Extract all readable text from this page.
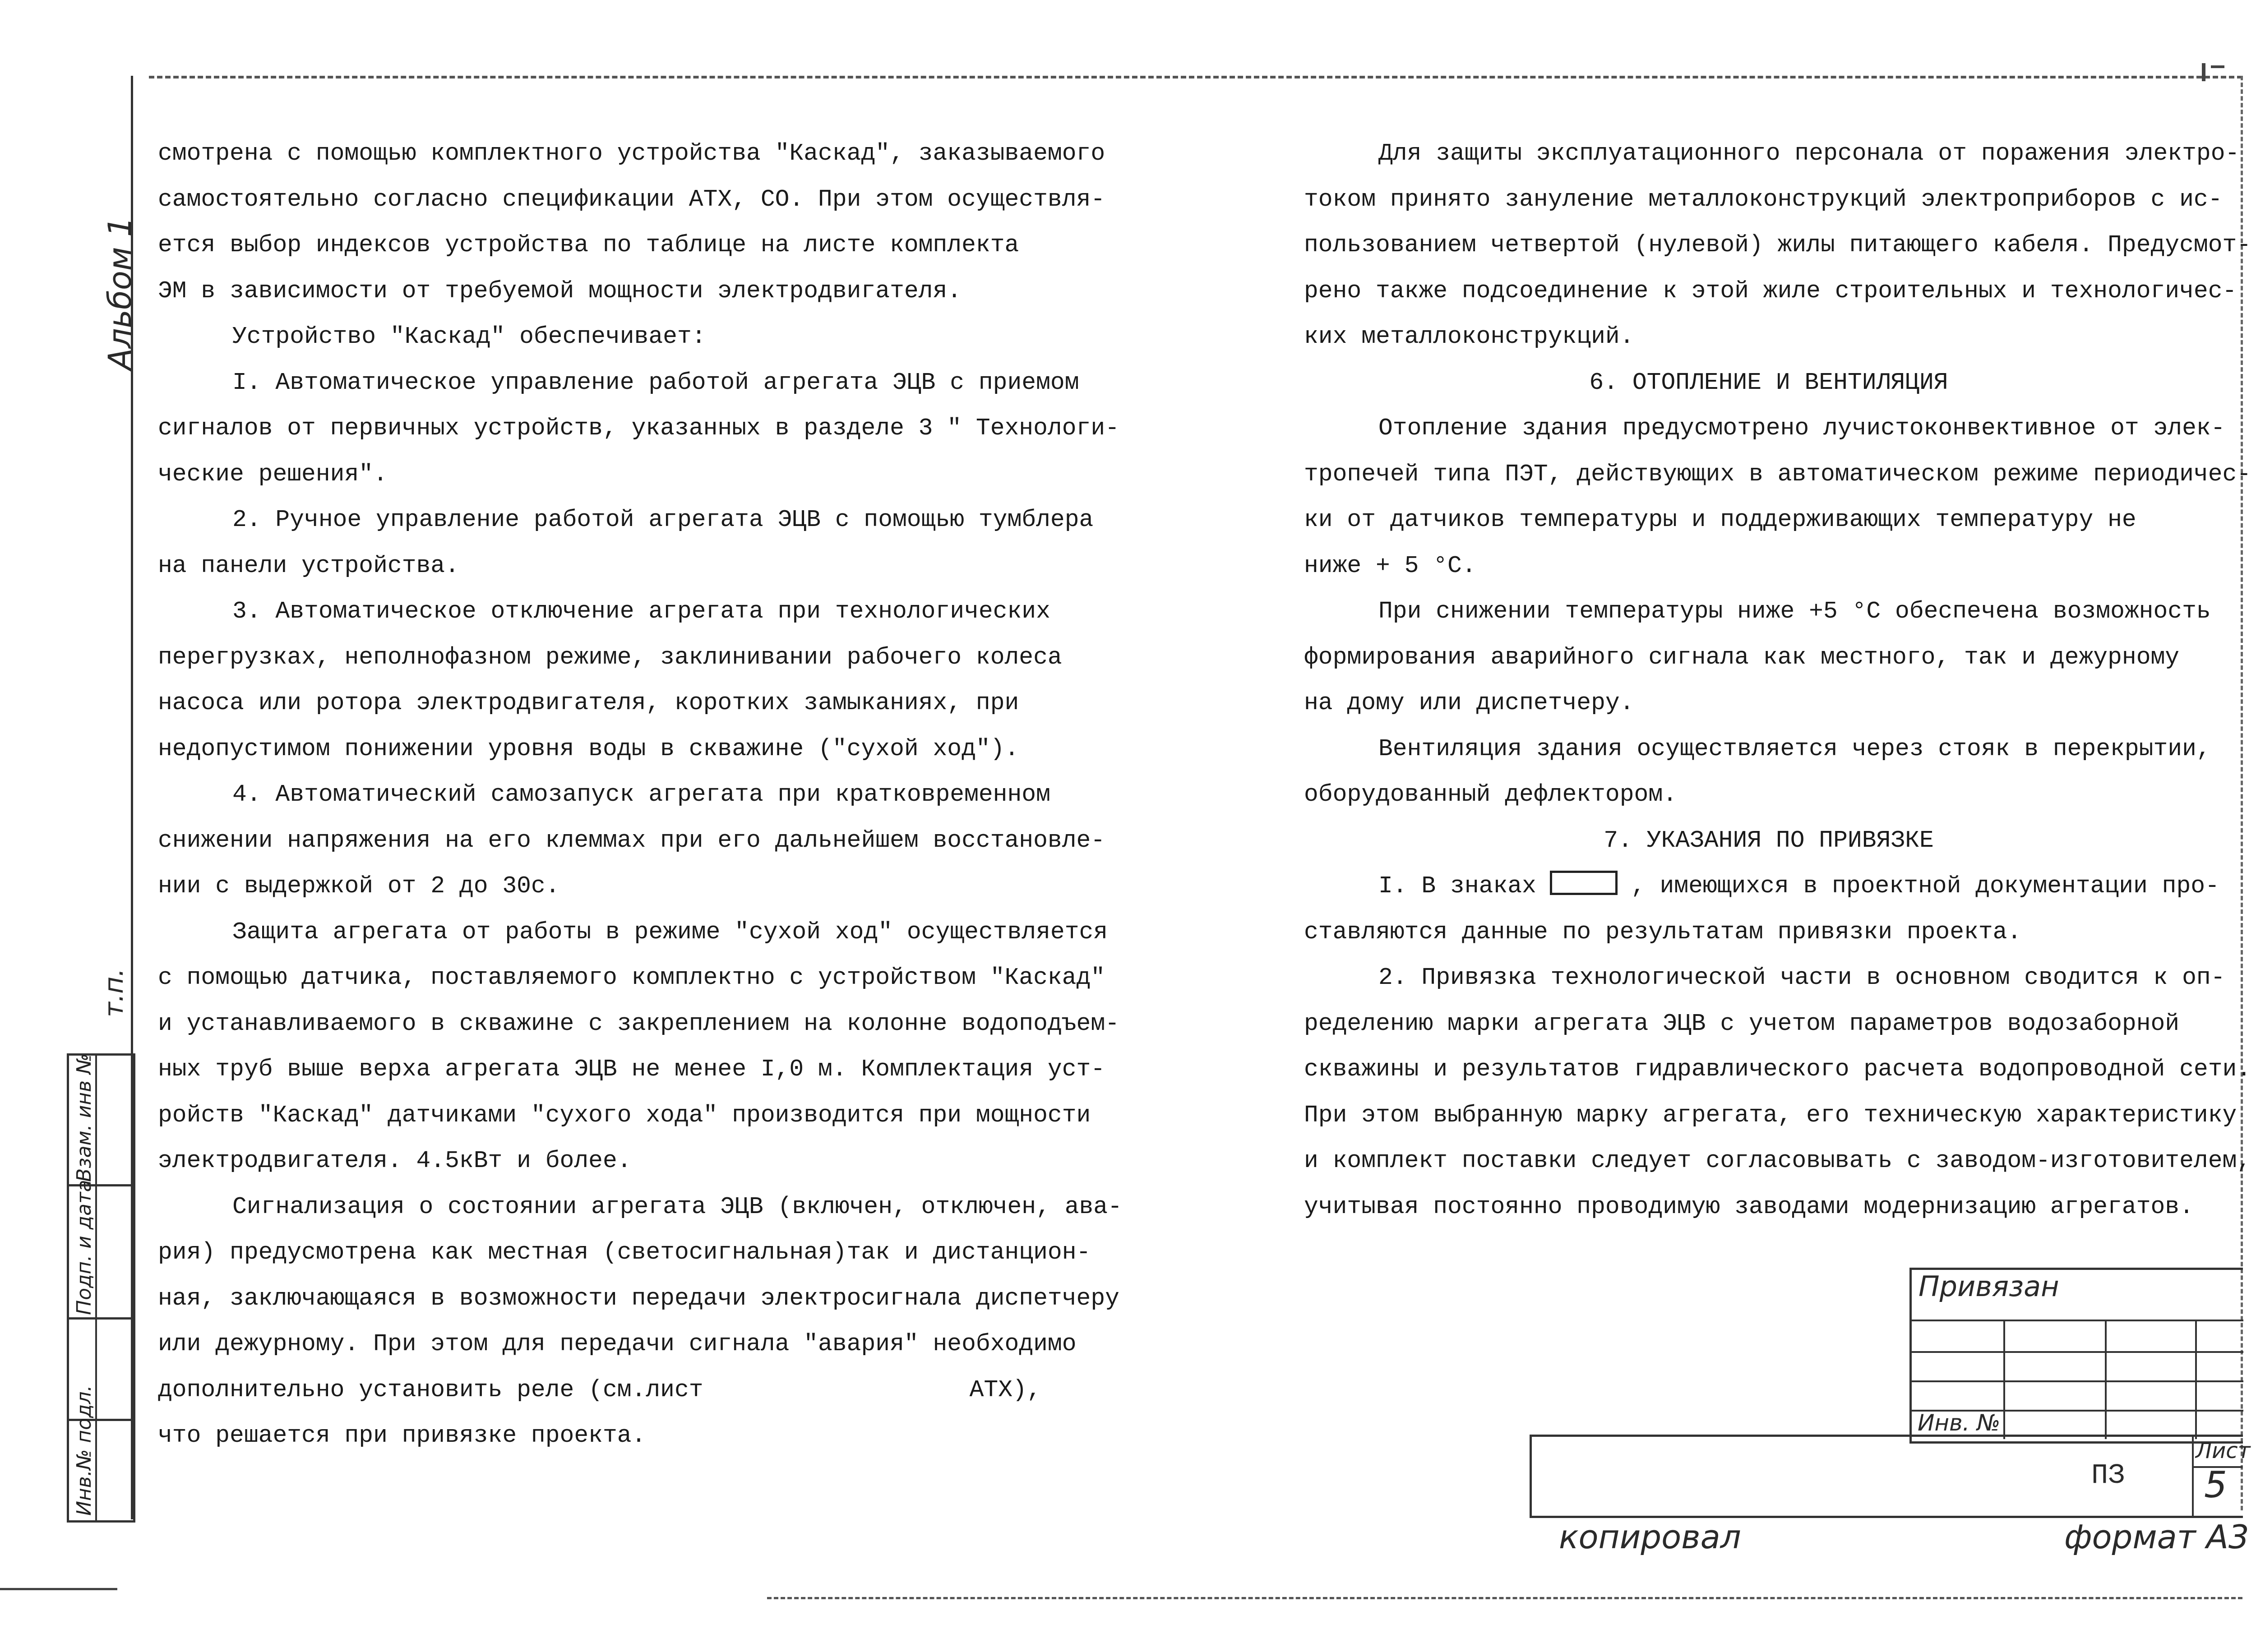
Альбом 1
т.п.
Взам. инв №
Подп. и дата
Инв.№ подл.

смотрена с помощью комплектного устройства "Каскад", заказываемого

самостоятельно согласно спецификации АТХ, СО. При этом осуществля-

ется выбор индексов устройства по таблице на листе комплекта

ЭМ в зависимости от требуемой мощности электродвигателя.

Устройство "Каскад" обеспечивает:

I. Автоматическое управление работой агрегата ЭЦВ с приемом

сигналов от первичных устройств, указанных в разделе 3 " Технологи-

ческие решения".

2. Ручное управление работой агрегата ЭЦВ с помощью тумблера

на панели устройства.

3. Автоматическое отключение агрегата при технологических

перегрузках, неполнофазном режиме, заклинивании рабочего колеса

насоса или ротора электродвигателя, коротких замыканиях, при

недопустимом понижении уровня воды в скважине ("сухой ход").

4. Автоматический самозапуск агрегата при кратковременном

снижении напряжения на его клеммах при его дальнейшем восстановле-

нии с выдержкой от 2 до 30с.

Защита агрегата от работы в режиме "сухой ход" осуществляется

с помощью датчика, поставляемого комплектно с устройством "Каскад"

и устанавливаемого в скважине с закреплением на колонне водоподъем-

ных труб выше верха агрегата ЭЦВ не менее I,0 м. Комплектация уст-

ройств "Каскад" датчиками "сухого хода" производится при мощности

электродвигателя. 4.5кВт и более.

Сигнализация о состоянии агрегата ЭЦВ (включен, отключен, ава-

рия) предусмотрена как местная (светосигнальная)так и дистанцион-

ная, заключающаяся в возможности передачи электросигнала диспетчеру

или дежурному. При этом для передачи сигнала "авария" необходимо

дополнительно установить реле (см.лист	АТХ),

что решается при привязке проекта.

Для защиты эксплуатационного персонала от поражения электро-

током принято зануление металлоконструкций электроприборов с ис-

пользованием четвертой (нулевой) жилы питающего кабеля. Предусмот-

рено также подсоединение к этой жиле строительных и технологичес-

ких металлоконструкций.

6. ОТОПЛЕНИЕ И ВЕНТИЛЯЦИЯ

Отопление здания предусмотрено лучистоконвективное от элек-

тропечей типа ПЭТ, действующих в автоматическом режиме периодичес-

ки от датчиков температуры и поддерживающих температуру не

ниже + 5 °С.

При снижении температуры ниже +5 °С обеспечена возможность

формирования аварийного сигнала как местного, так и дежурному

на дому или диспетчеру.

Вентиляция здания осуществляется через стояк в перекрытии,

оборудованный дефлектором.

7. УКАЗАНИЯ ПО ПРИВЯЗКЕ

I. В знаках	, имеющихся в проектной документации про-

ставляются данные по результатам привязки проекта.

2. Привязка технологической части в основном сводится к оп-

ределению марки агрегата ЭЦВ с учетом параметров водозаборной

скважины и результатов гидравлического расчета водопроводной сети.

При этом выбранную марку агрегата, его техническую характеристику

и комплект поставки следует согласовывать с заводом-изготовителем,

учитывая постоянно проводимую заводами модернизацию агрегатов.

Привязан
Инв. №
ПЗ
Лист
5
копировал	формат А3
